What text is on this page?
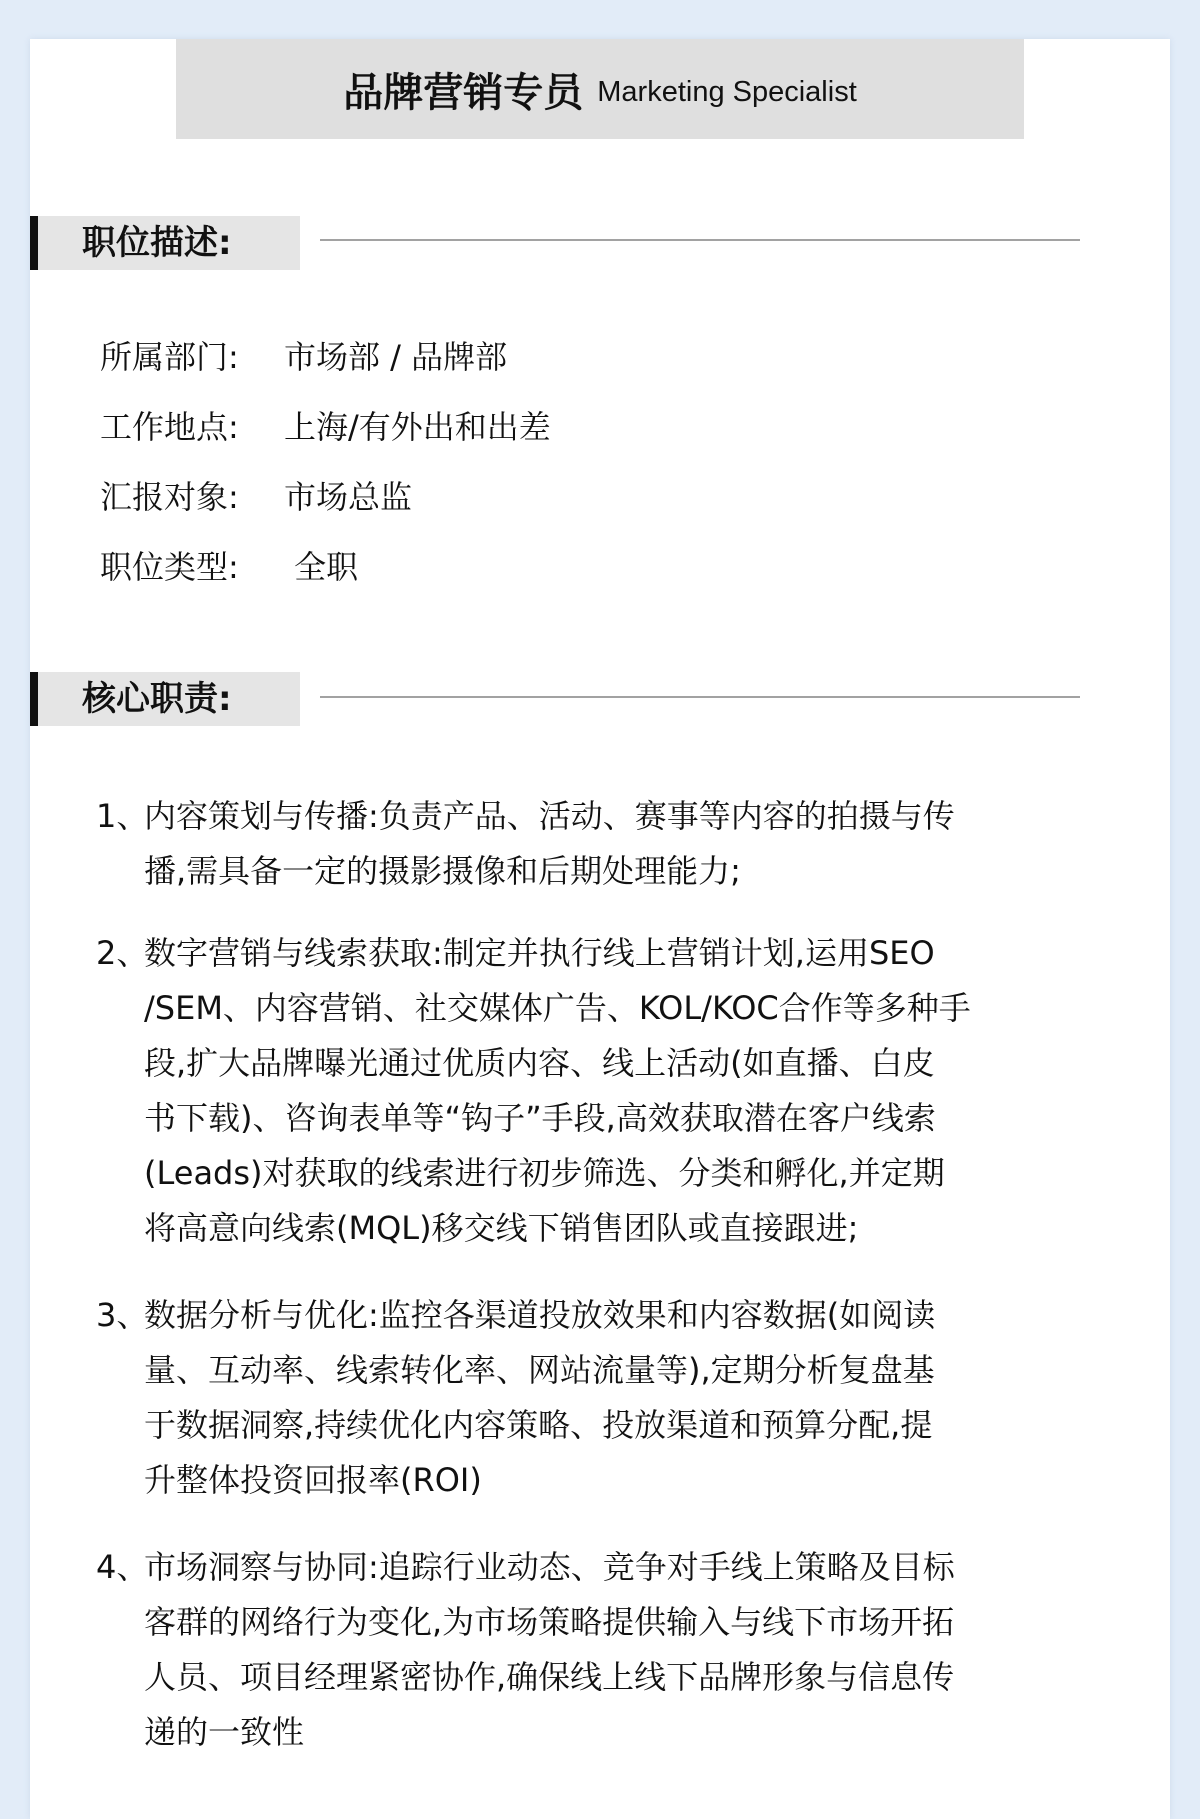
品牌营销专员 Marketing Specialist
职位描述:
所属部门: 市场部 / 品牌部
工作地点: 上海/有外出和出差
汇报对象: 市场总监
职位类型: 全职
核心职责:
1、内容策划与传播:负责产品、活动、赛事等内容的拍摄与传
播,需具备一定的摄影摄像和后期处理能力;
2、数字营销与线索获取:制定并执行线上营销计划,运用SEO
/SEM、内容营销、社交媒体广告、KOL/KOC合作等多种手
段,扩大品牌曝光通过优质内容、线上活动(如直播、白皮
书下载)、咨询表单等“钩子”手段,高效获取潜在客户线索
(Leads)对获取的线索进行初步筛选、分类和孵化,并定期
将高意向线索(MQL)移交线下销售团队或直接跟进;
3、数据分析与优化:监控各渠道投放效果和内容数据(如阅读
量、互动率、线索转化率、网站流量等),定期分析复盘基
于数据洞察,持续优化内容策略、投放渠道和预算分配,提
升整体投资回报率(ROI)
4、市场洞察与协同:追踪行业动态、竞争对手线上策略及目标
客群的网络行为变化,为市场策略提供输入与线下市场开拓
人员、项目经理紧密协作,确保线上线下品牌形象与信息传
递的一致性
